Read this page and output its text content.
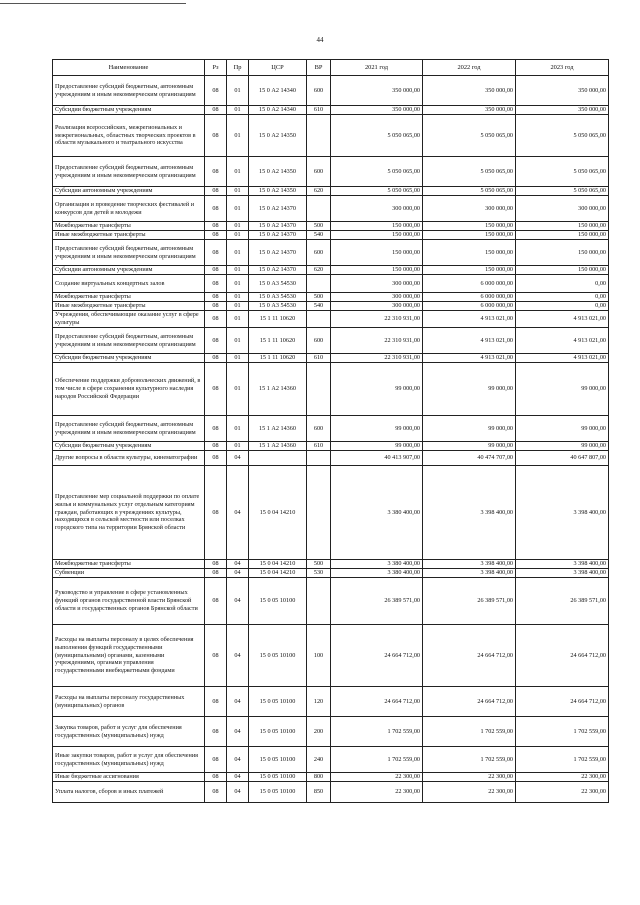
44
Наименование	Рз	Пр	ЦСР	ВР	2021 год	2022 год	2023 год
Предоставление субсидий бюджетным, автономным учреждениям и иным некоммерческим организациям	08	01	15 0 А2 14340	600	350 000,00	350 000,00	350 000,00
Субсидии бюджетным учреждениям	08	01	15 0 А2 14340	610	350 000,00	350 000,00	350 000,00
Реализация всероссийских, межрегиональных и межрегиональных, областных творческих проектов в области музыкального и театрального искусства	08	01	15 0 А2 14350		5 050 065,00	5 050 065,00	5 050 065,00
Предоставление субсидий бюджетным, автономным учреждениям и иным некоммерческим организациям	08	01	15 0 А2 14350	600	5 050 065,00	5 050 065,00	5 050 065,00
Субсидии автономным учреждениям	08	01	15 0 А2 14350	620	5 050 065,00	5 050 065,00	5 050 065,00
Организация и проведение творческих фестивалей и конкурсов для детей и молодежи	08	01	15 0 А2 14370		300 000,00	300 000,00	300 000,00
Межбюджетные трансферты	08	01	15 0 А2 14370	500	150 000,00	150 000,00	150 000,00
Иные межбюджетные трансферты	08	01	15 0 А2 14370	540	150 000,00	150 000,00	150 000,00
Предоставление субсидий бюджетным, автономным учреждениям и иным некоммерческим организациям	08	01	15 0 А2 14370	600	150 000,00	150 000,00	150 000,00
Субсидии автономным учреждениям	08	01	15 0 А2 14370	620	150 000,00	150 000,00	150 000,00
Создание виртуальных концертных залов	08	01	15 0 А3 54530		300 000,00	6 000 000,00	0,00
Межбюджетные трансферты	08	01	15 0 А3 54530	500	300 000,00	6 000 000,00	0,00
Иные межбюджетные трансферты	08	01	15 0 А3 54530	540	300 000,00	6 000 000,00	0,00
Учреждения, обеспечивающие оказание услуг в сфере культуры	08	01	15 1 11 10620		22 310 931,00	4 913 021,00	4 913 021,00
Предоставление субсидий бюджетным, автономным учреждениям и иным некоммерческим организациям	08	01	15 1 11 10620	600	22 310 931,00	4 913 021,00	4 913 021,00
Субсидии бюджетным учреждениям	08	01	15 1 11 10620	610	22 310 931,00	4 913 021,00	4 913 021,00
Обеспечение поддержки добровольческих движений, в том числе в сфере сохранения культурного наследия народов Российской Федерации	08	01	15 1 А2 14360		99 000,00	99 000,00	99 000,00
Предоставление субсидий бюджетным, автономным учреждениям и иным некоммерческим организациям	08	01	15 1 А2 14360	600	99 000,00	99 000,00	99 000,00
Субсидии бюджетным учреждениям	08	01	15 1 А2 14360	610	99 000,00	99 000,00	99 000,00
Другие вопросы в области культуры, кинематографии	08	04			40 413 907,00	40 474 707,00	40 647 807,00
Предоставление мер социальной поддержки по оплате жилья и коммунальных услуг отдельным категориям граждан, работающих в учреждениях культуры, находящихся в сельской местности или поселках городского типа на территории Брянской области	08	04	15 0 04 14210		3 380 400,00	3 398 400,00	3 398 400,00
Межбюджетные трансферты	08	04	15 0 04 14210	500	3 380 400,00	3 398 400,00	3 398 400,00
Субвенции	08	04	15 0 04 14210	530	3 380 400,00	3 398 400,00	3 398 400,00
Руководство и управление в сфере установленных функций органов государственной власти Брянской области и государственных органов Брянской области	08	04	15 0 05 10100		26 389 571,00	26 389 571,00	26 389 571,00
Расходы на выплаты персоналу в целях обеспечения выполнения функций государственными (муниципальными) органами, казенными учреждениями, органами управления государственными внебюджетными фондами	08	04	15 0 05 10100	100	24 664 712,00	24 664 712,00	24 664 712,00
Расходы на выплаты персоналу государственных (муниципальных) органов	08	04	15 0 05 10100	120	24 664 712,00	24 664 712,00	24 664 712,00
Закупка товаров, работ и услуг для обеспечения государственных (муниципальных) нужд	08	04	15 0 05 10100	200	1 702 559,00	1 702 559,00	1 702 559,00
Иные закупки товаров, работ и услуг для обеспечения государственных (муниципальных) нужд	08	04	15 0 05 10100	240	1 702 559,00	1 702 559,00	1 702 559,00
Иные бюджетные ассигнования	08	04	15 0 05 10100	800	22 300,00	22 300,00	22 300,00
Уплата налогов, сборов и иных платежей	08	04	15 0 05 10100	850	22 300,00	22 300,00	22 300,00
